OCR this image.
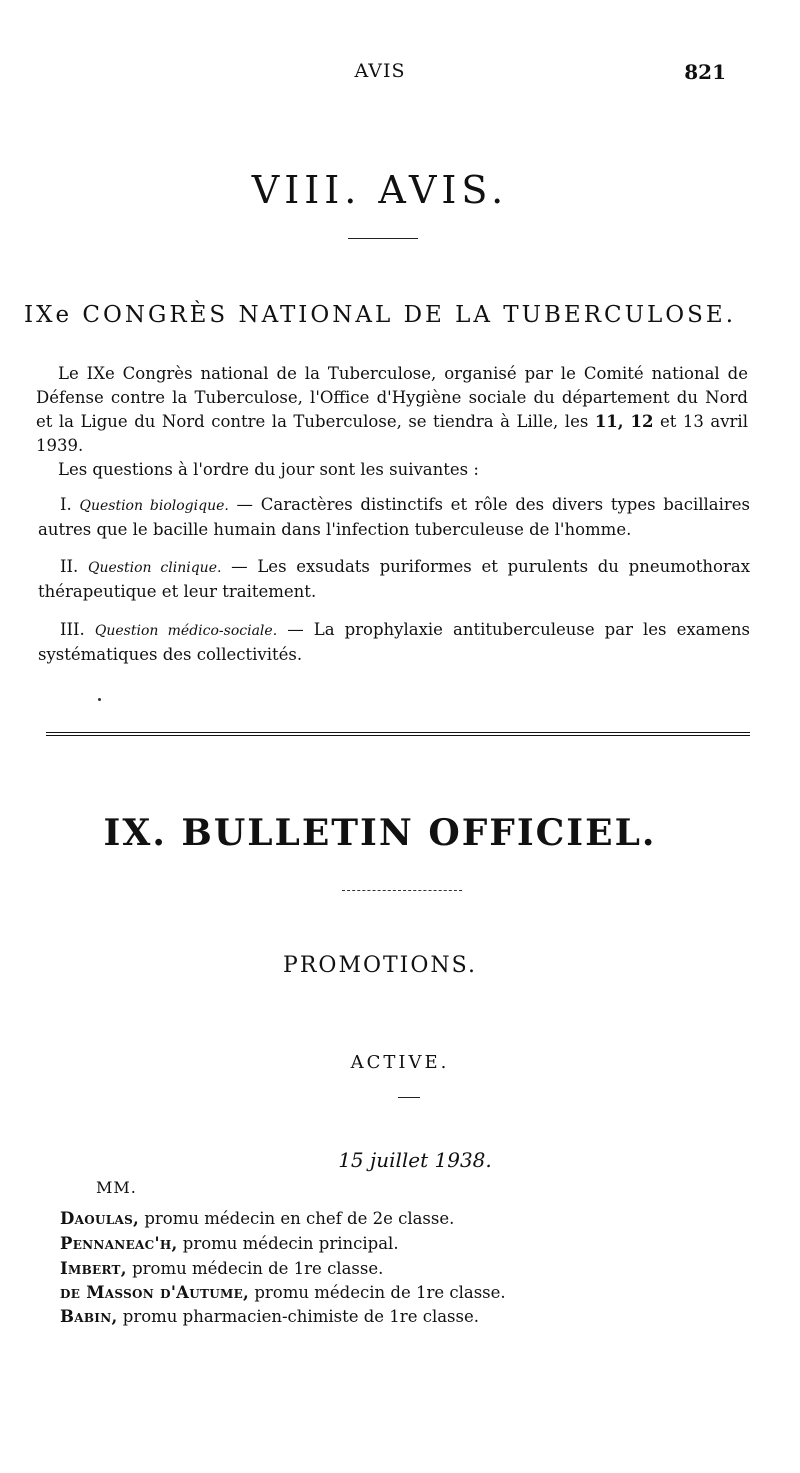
AVIS	821
VIII. AVIS.
IXe CONGRÈS NATIONAL DE LA TUBERCULOSE.
Le IXe Congrès national de la Tuberculose, organisé par le Comité national de Défense contre la Tuberculose, l'Office d'Hygiène sociale du département du Nord et la Ligue du Nord contre la Tuberculose, se tiendra à Lille, les 11, 12 et 13 avril 1939.
Les questions à l'ordre du jour sont les suivantes :
I. Question biologique. — Caractères distinctifs et rôle des divers types bacillaires autres que le bacille humain dans l'infection tuberculeuse de l'homme.
II. Question clinique. — Les exsudats puriformes et purulents du pneumothorax thérapeutique et leur traitement.
III. Question médico-sociale. — La prophylaxie antituberculeuse par les examens systématiques des collectivités.
IX. BULLETIN OFFICIEL.
PROMOTIONS.
ACTIVE.
15 juillet 1938.
MM.
Daoulas, promu médecin en chef de 2e classe.
Pennaneac'h, promu médecin principal.
Imbert, promu médecin de 1re classe.
de Masson d'Autume, promu médecin de 1re classe.
Babin, promu pharmacien-chimiste de 1re classe.
